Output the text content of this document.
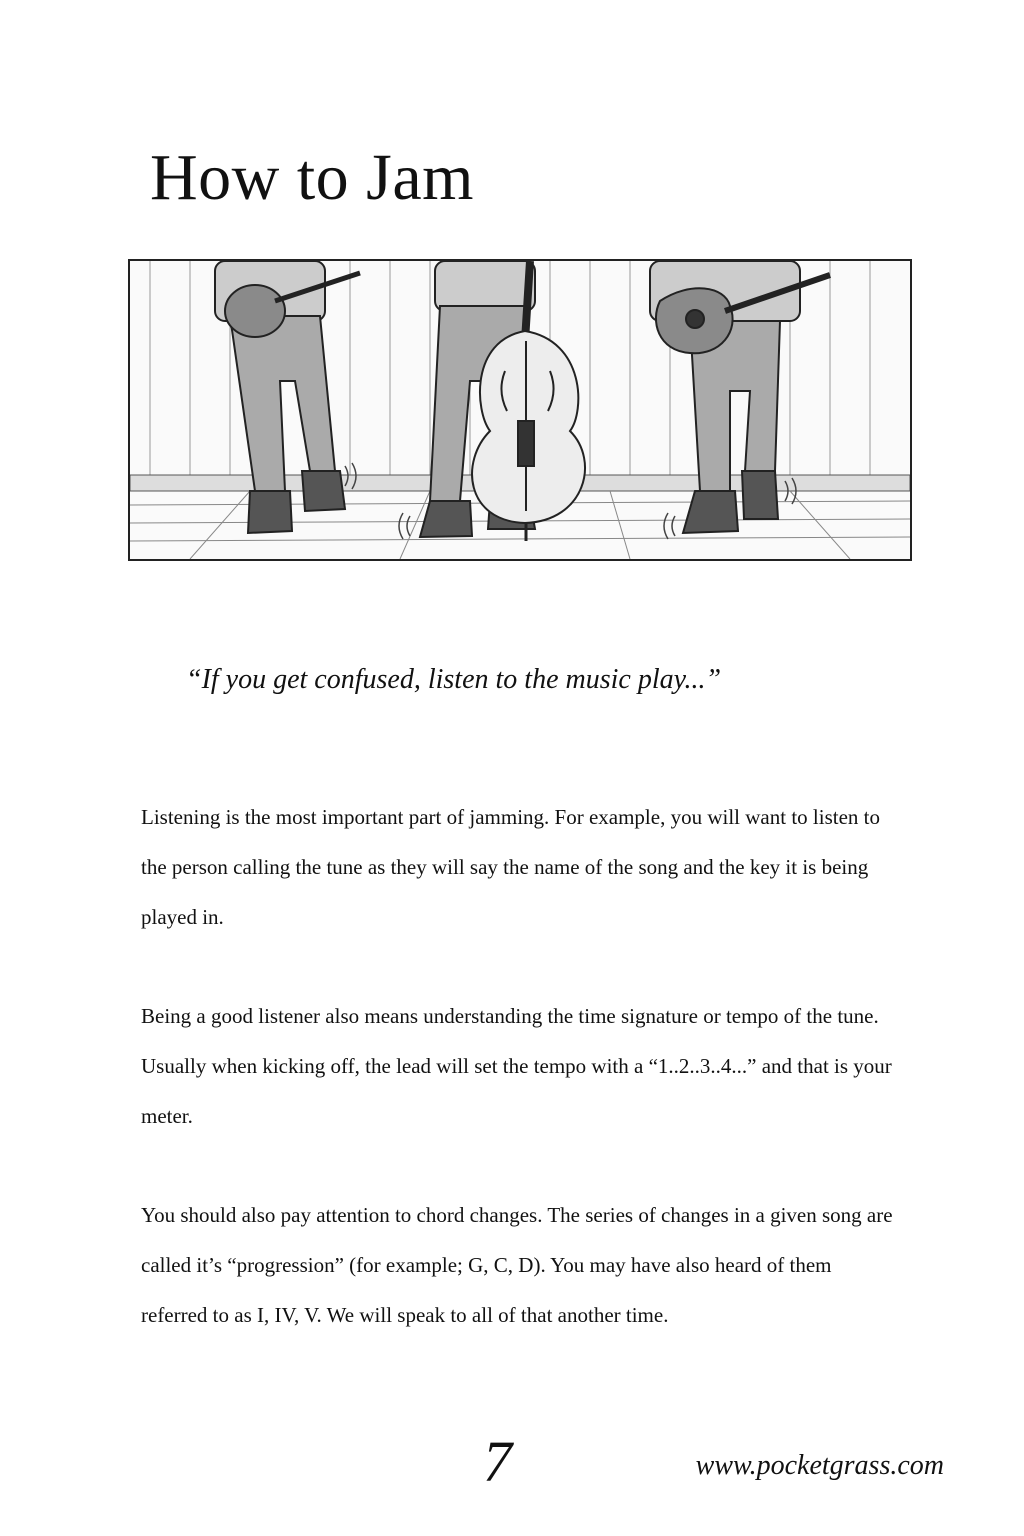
How to Jam

“If you get confused, listen to the music play...”

Listening is the most important part of jamming. For example, you will want to listen to the person calling the tune as they will say the name of the song and the key it is being played in.

Being a good listener also means understanding the time signature or tempo of the tune. Usually when kicking off, the lead will set the tempo with a “1..2..3..4...” and that is your meter.

You should also pay attention to chord changes. The series of changes in a given song are called it’s “progression” (for example; G, C, D). You may have also heard of them referred to as I, IV, V. We will speak to all of that another time.

7	www.pocketgrass.com
